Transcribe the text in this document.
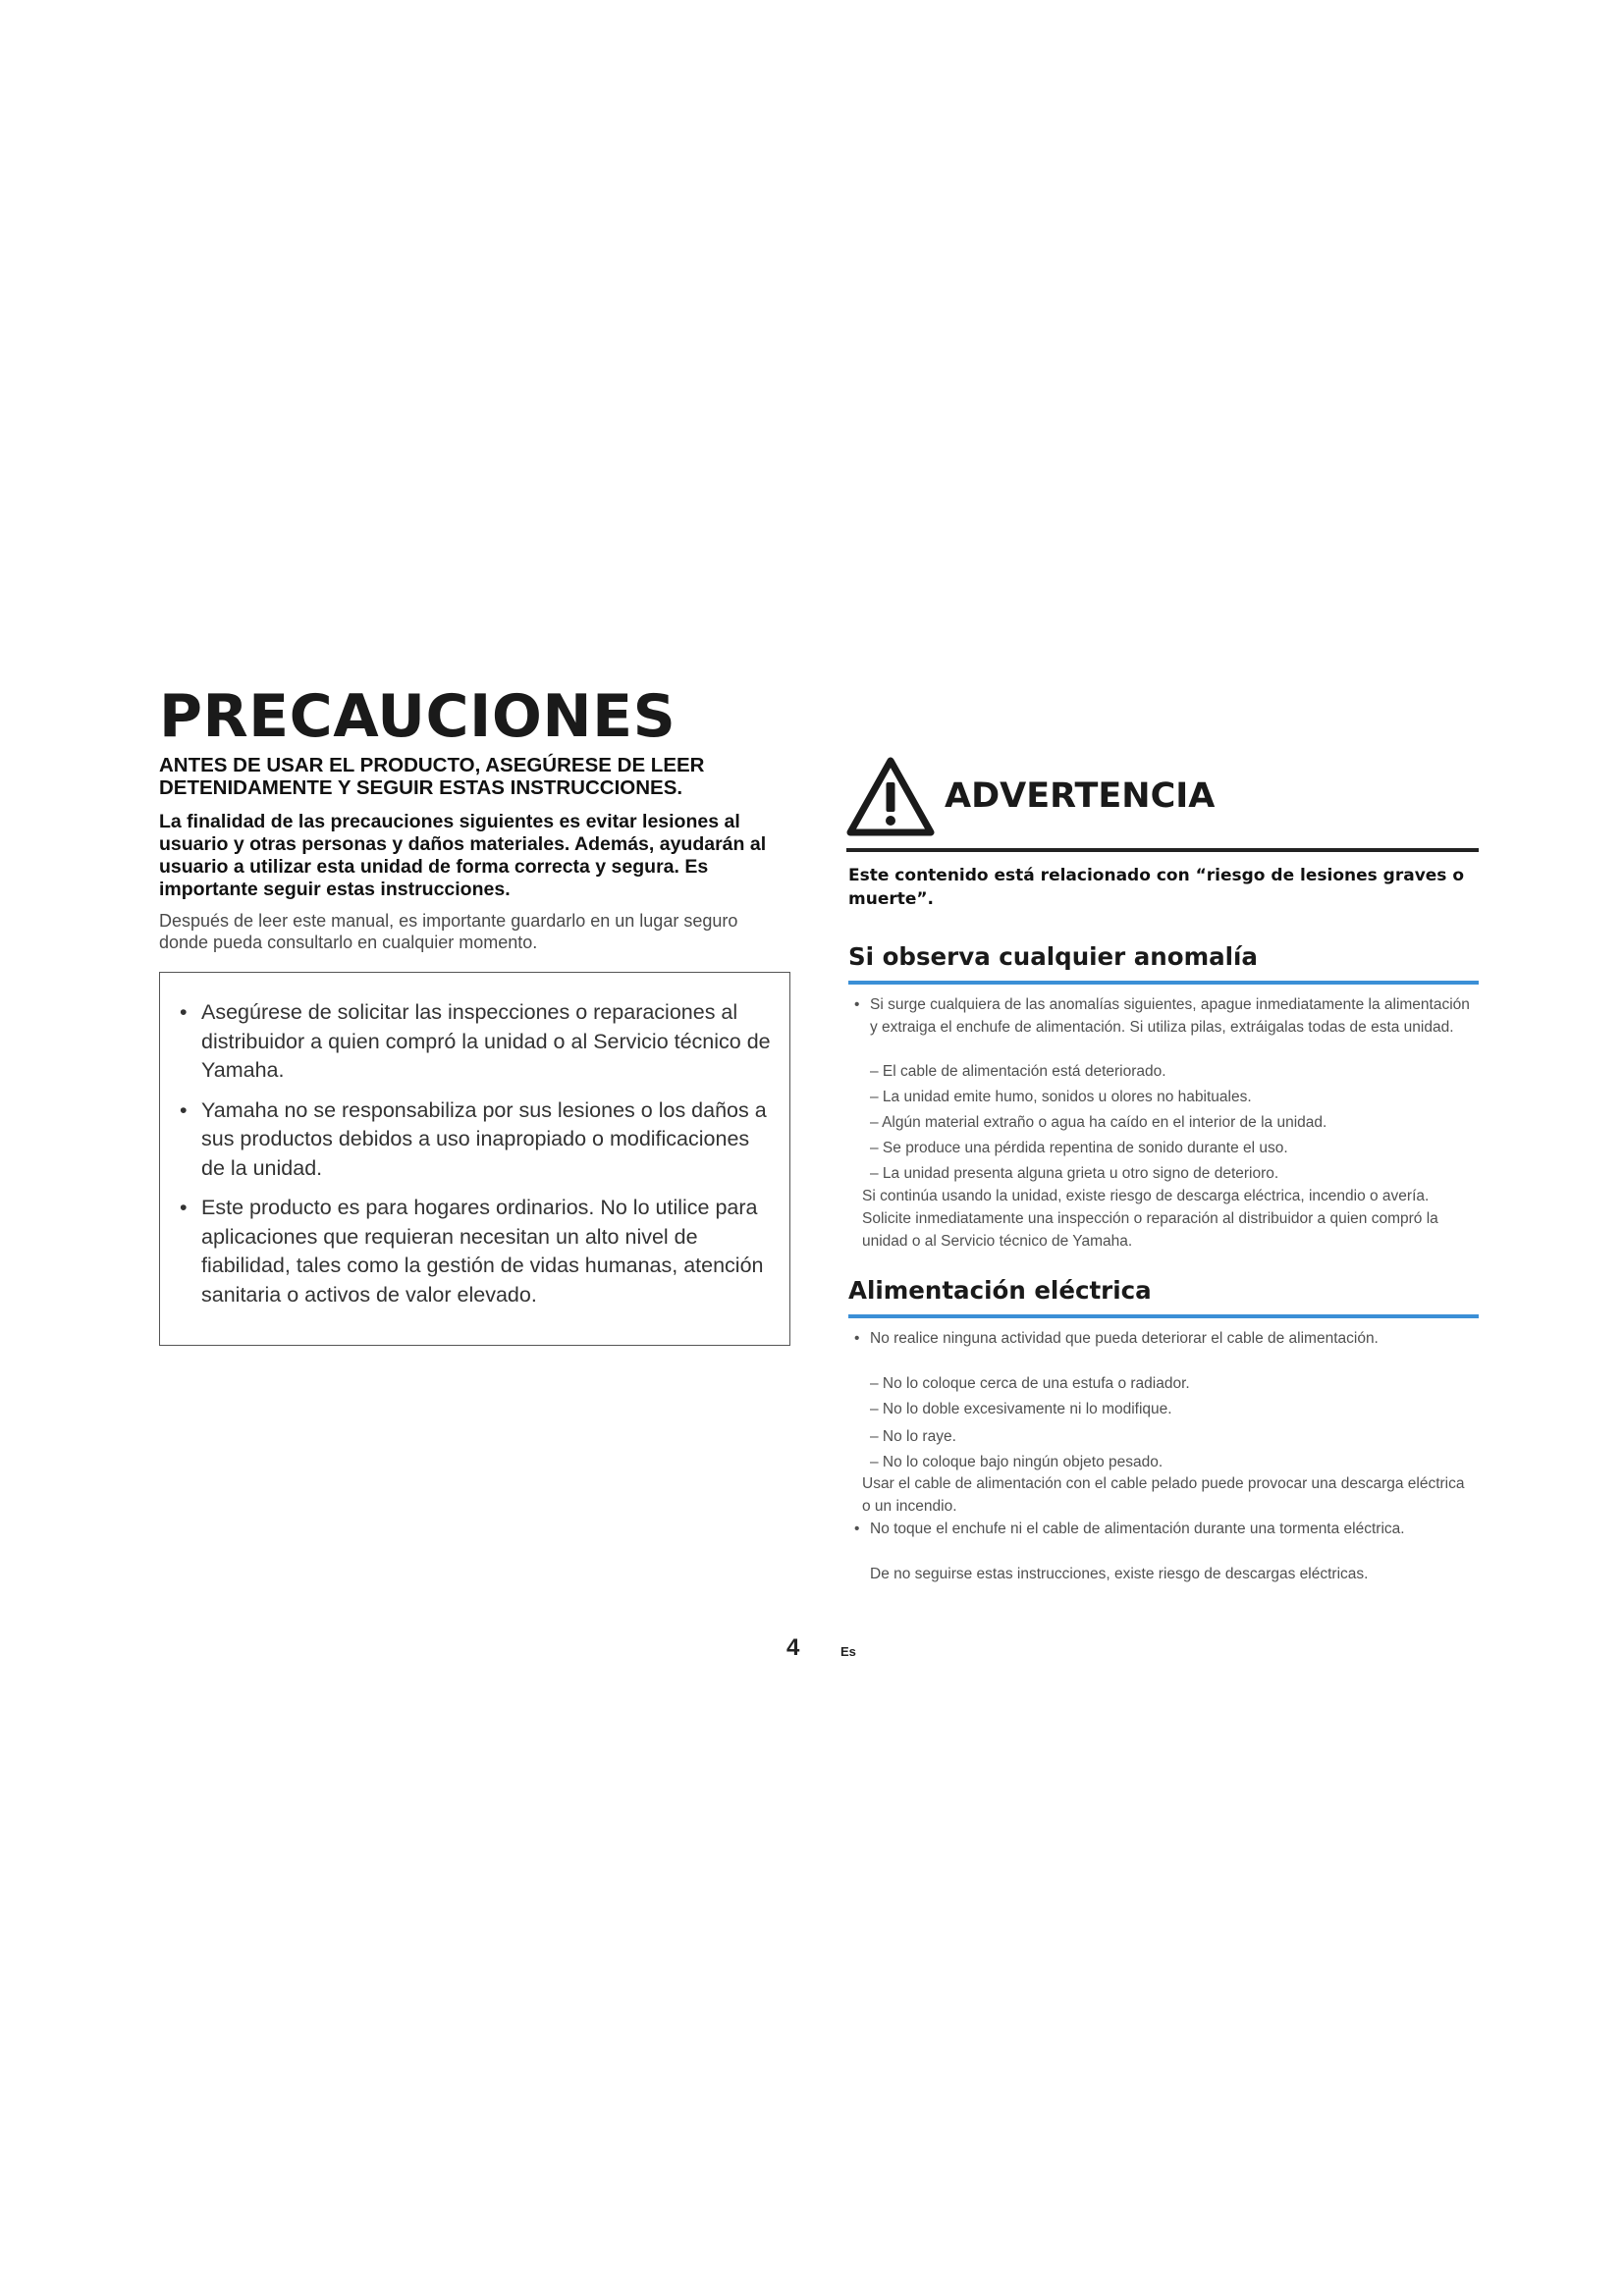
PRECAUCIONES

ANTES DE USAR EL PRODUCTO, ASEGÚRESE DE LEER DETENIDAMENTE Y SEGUIR ESTAS INSTRUCCIONES.

La finalidad de las precauciones siguientes es evitar lesiones al usuario y otras personas y daños materiales. Además, ayudarán al usuario a utilizar esta unidad de forma correcta y segura. Es importante seguir estas instrucciones.

Después de leer este manual, es importante guardarlo en un lugar seguro donde pueda consultarlo en cualquier momento.

• Asegúrese de solicitar las inspecciones o reparaciones al distribuidor a quien compró la unidad o al Servicio técnico de Yamaha.
• Yamaha no se responsabiliza por sus lesiones o los daños a sus productos debidos a uso inapropiado o modificaciones de la unidad.
• Este producto es para hogares ordinarios. No lo utilice para aplicaciones que requieran necesitan un alto nivel de fiabilidad, tales como la gestión de vidas humanas, atención sanitaria o activos de valor elevado.
ADVERTENCIA

Este contenido está relacionado con “riesgo de lesiones graves o muerte”.

Si observa cualquier anomalía
• Si surge cualquiera de las anomalías siguientes, apague inmediatamente la alimentación y extraiga el enchufe de alimentación. Si utiliza pilas, extráigalas todas de esta unidad.

– El cable de alimentación está deteriorado.

– La unidad emite humo, sonidos u olores no habituales.

– Algún material extraño o agua ha caído en el interior de la unidad.

– Se produce una pérdida repentina de sonido durante el uso.

– La unidad presenta alguna grieta u otro signo de deterioro.

Si continúa usando la unidad, existe riesgo de descarga eléctrica, incendio o avería. Solicite inmediatamente una inspección o reparación al distribuidor a quien compró la unidad o al Servicio técnico de Yamaha.

Alimentación eléctrica
• No realice ninguna actividad que pueda deteriorar el cable de alimentación.

– No lo coloque cerca de una estufa o radiador.

– No lo doble excesivamente ni lo modifique.

– No lo raye.

– No lo coloque bajo ningún objeto pesado.

Usar el cable de alimentación con el cable pelado puede provocar una descarga eléctrica o un incendio.

• No toque el enchufe ni el cable de alimentación durante una tormenta eléctrica.

De no seguirse estas instrucciones, existe riesgo de descargas eléctricas.

4	Es
